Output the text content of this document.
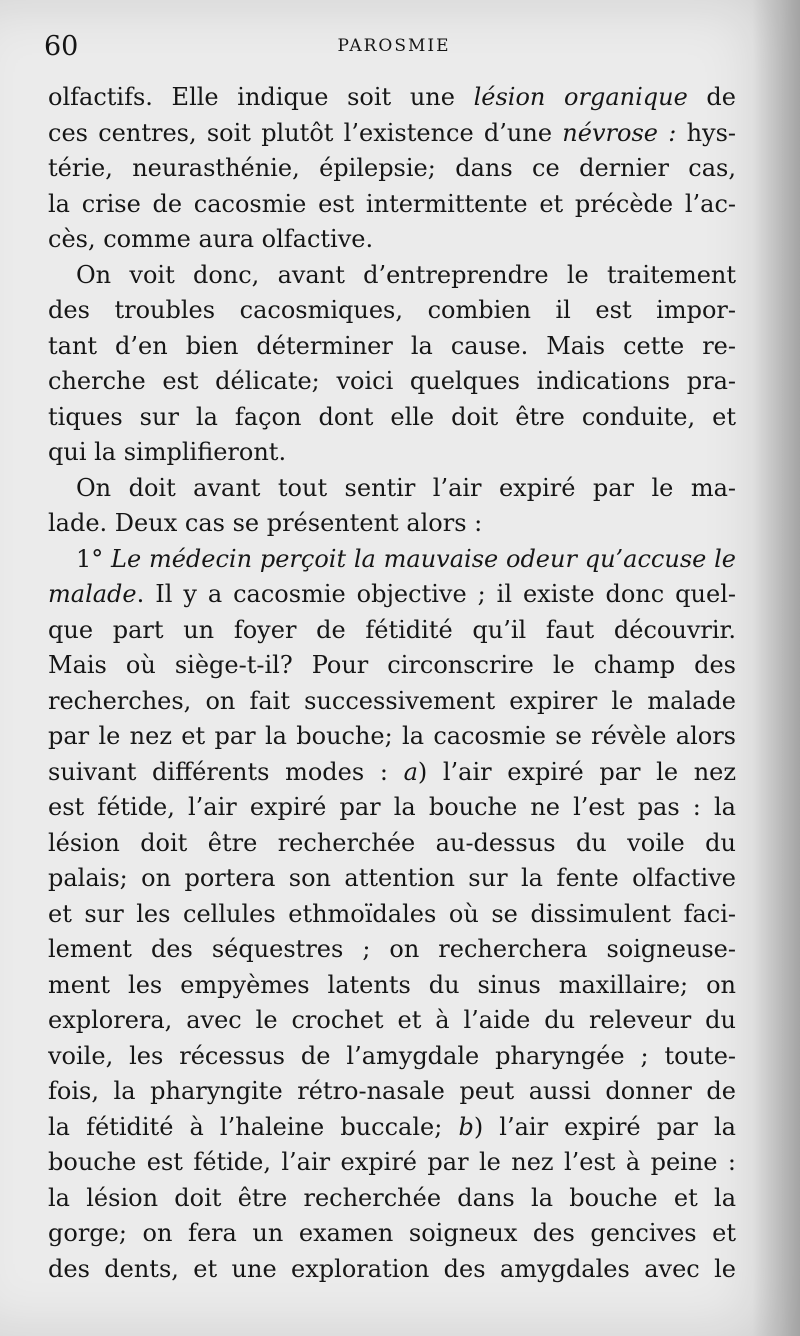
60	PAROSMIE
olfactifs. Elle indique soit une lésion organique de
ces centres, soit plutôt l’existence d’une névrose : hys-
térie, neurasthénie, épilepsie; dans ce dernier cas,
la crise de cacosmie est intermittente et précède l’ac-
cès, comme aura olfactive.
On voit donc, avant d’entreprendre le traitement
des troubles cacosmiques, combien il est impor-
tant d’en bien déterminer la cause. Mais cette re-
cherche est délicate; voici quelques indications pra-
tiques sur la façon dont elle doit être conduite, et
qui la simplifieront.
On doit avant tout sentir l’air expiré par le ma-
lade. Deux cas se présentent alors :
1° Le médecin perçoit la mauvaise odeur qu’accuse le
malade. Il y a cacosmie objective ; il existe donc quel-
que part un foyer de fétidité qu’il faut découvrir.
Mais où siège-t-il? Pour circonscrire le champ des
recherches, on fait successivement expirer le malade
par le nez et par la bouche; la cacosmie se révèle alors
suivant différents modes : a) l’air expiré par le nez
est fétide, l’air expiré par la bouche ne l’est pas : la
lésion doit être recherchée au-dessus du voile du
palais; on portera son attention sur la fente olfactive
et sur les cellules ethmoïdales où se dissimulent faci-
lement des séquestres ; on recherchera soigneuse-
ment les empyèmes latents du sinus maxillaire; on
explorera, avec le crochet et à l’aide du releveur du
voile, les récessus de l’amygdale pharyngée ; toute-
fois, la pharyngite rétro-nasale peut aussi donner de
la fétidité à l’haleine buccale; b) l’air expiré par la
bouche est fétide, l’air expiré par le nez l’est à peine :
la lésion doit être recherchée dans la bouche et la
gorge; on fera un examen soigneux des gencives et
des dents, et une exploration des amygdales avec le
